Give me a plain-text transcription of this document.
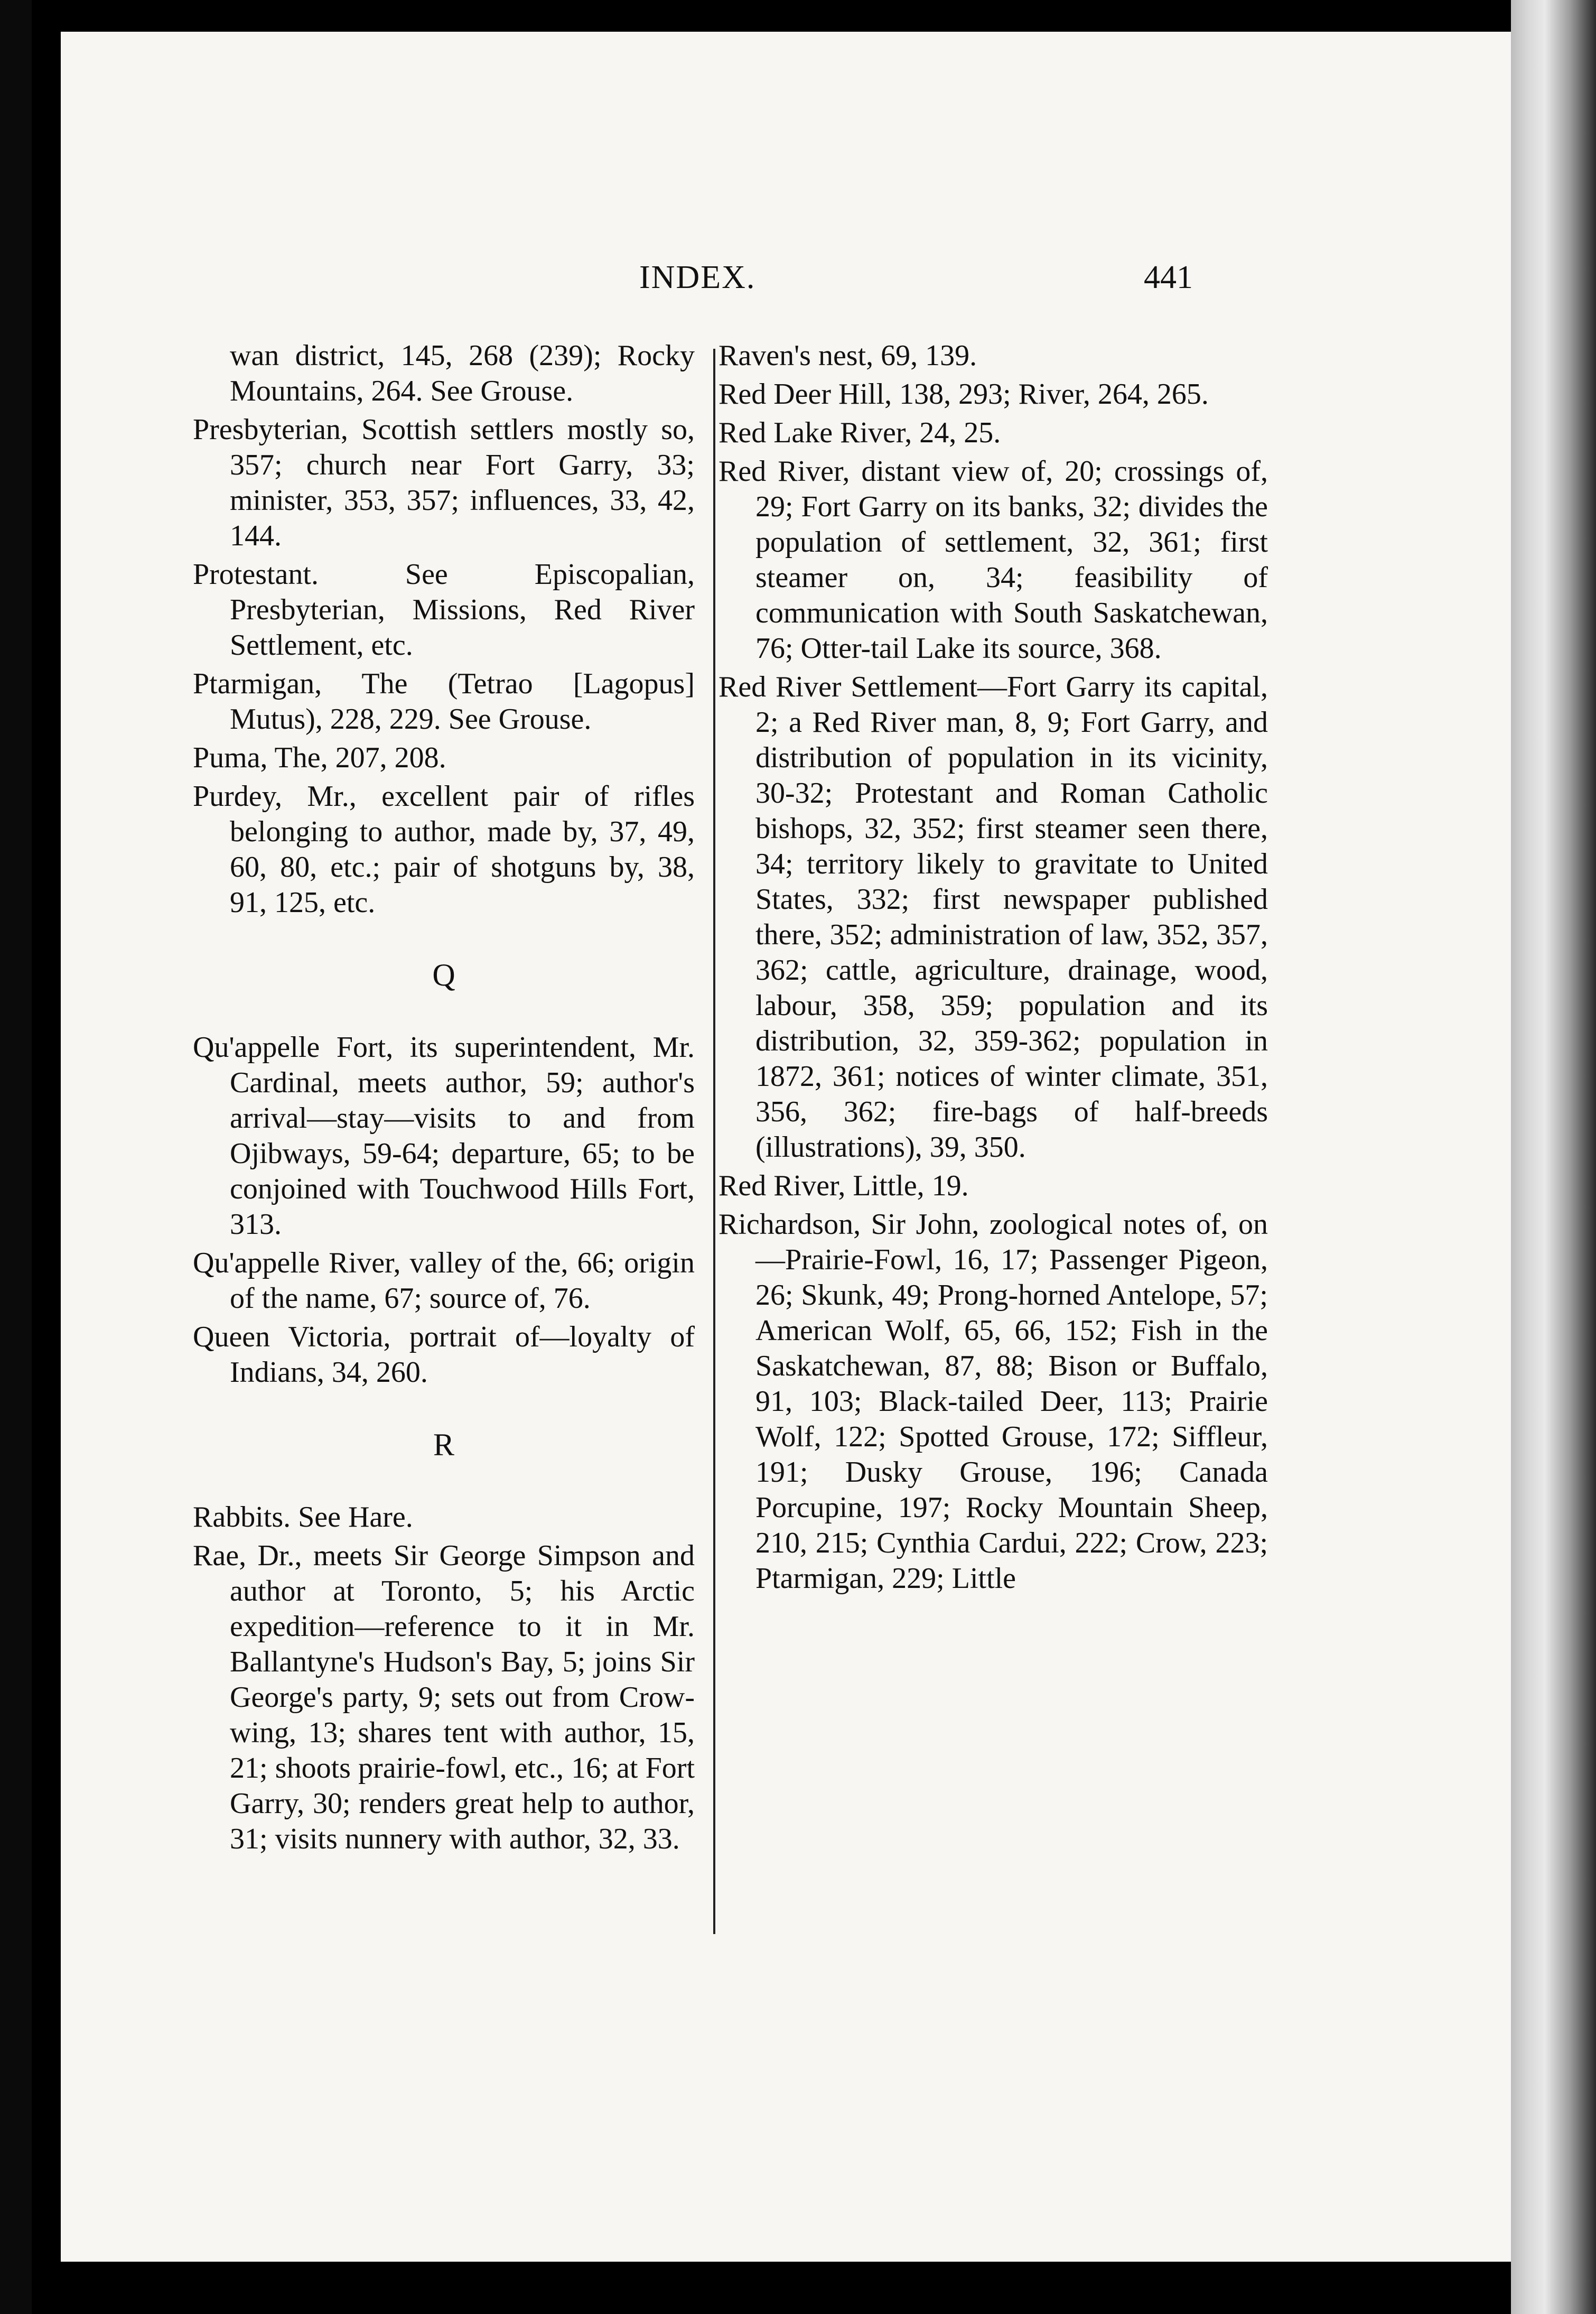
INDEX.	441

wan district, 145, 268 (239); Rocky Mountains, 264. See Grouse.

Presbyterian, Scottish settlers mostly so, 357; church near Fort Garry, 33; minister, 353, 357; influences, 33, 42, 144.

Protestant. See Episcopalian, Presbyterian, Missions, Red River Settlement, etc.

Ptarmigan, The (Tetrao [Lagopus] Mutus), 228, 229. See Grouse.

Puma, The, 207, 208.

Purdey, Mr., excellent pair of rifles belonging to author, made by, 37, 49, 60, 80, etc.; pair of shotguns by, 38, 91, 125, etc.

Q

Qu'appelle Fort, its superintendent, Mr. Cardinal, meets author, 59; author's arrival—stay—visits to and from Ojibways, 59-64; departure, 65; to be conjoined with Touchwood Hills Fort, 313.

Qu'appelle River, valley of the, 66; origin of the name, 67; source of, 76.

Queen Victoria, portrait of—loyalty of Indians, 34, 260.

R

Rabbits. See Hare.

Rae, Dr., meets Sir George Simpson and author at Toronto, 5; his Arctic expedition—reference to it in Mr. Ballantyne's Hudson's Bay, 5; joins Sir George's party, 9; sets out from Crow-wing, 13; shares tent with author, 15, 21; shoots prairie-fowl, etc., 16; at Fort Garry, 30; renders great help to author, 31; visits nunnery with author, 32, 33.

Raven's nest, 69, 139.

Red Deer Hill, 138, 293; River, 264, 265.

Red Lake River, 24, 25.

Red River, distant view of, 20; crossings of, 29; Fort Garry on its banks, 32; divides the population of settlement, 32, 361; first steamer on, 34; feasibility of communication with South Saskatchewan, 76; Otter-tail Lake its source, 368.

Red River Settlement—Fort Garry its capital, 2; a Red River man, 8, 9; Fort Garry, and distribution of population in its vicinity, 30-32; Protestant and Roman Catholic bishops, 32, 352; first steamer seen there, 34; territory likely to gravitate to United States, 332; first newspaper published there, 352; administration of law, 352, 357, 362; cattle, agriculture, drainage, wood, labour, 358, 359; population and its distribution, 32, 359-362; population in 1872, 361; notices of winter climate, 351, 356, 362; fire-bags of half-breeds (illustrations), 39, 350.

Red River, Little, 19.

Richardson, Sir John, zoological notes of, on—Prairie-Fowl, 16, 17; Passenger Pigeon, 26; Skunk, 49; Prong-horned Antelope, 57; American Wolf, 65, 66, 152; Fish in the Saskatchewan, 87, 88; Bison or Buffalo, 91, 103; Black-tailed Deer, 113; Prairie Wolf, 122; Spotted Grouse, 172; Siffleur, 191; Dusky Grouse, 196; Canada Porcupine, 197; Rocky Mountain Sheep, 210, 215; Cynthia Cardui, 222; Crow, 223; Ptarmigan, 229; Little
